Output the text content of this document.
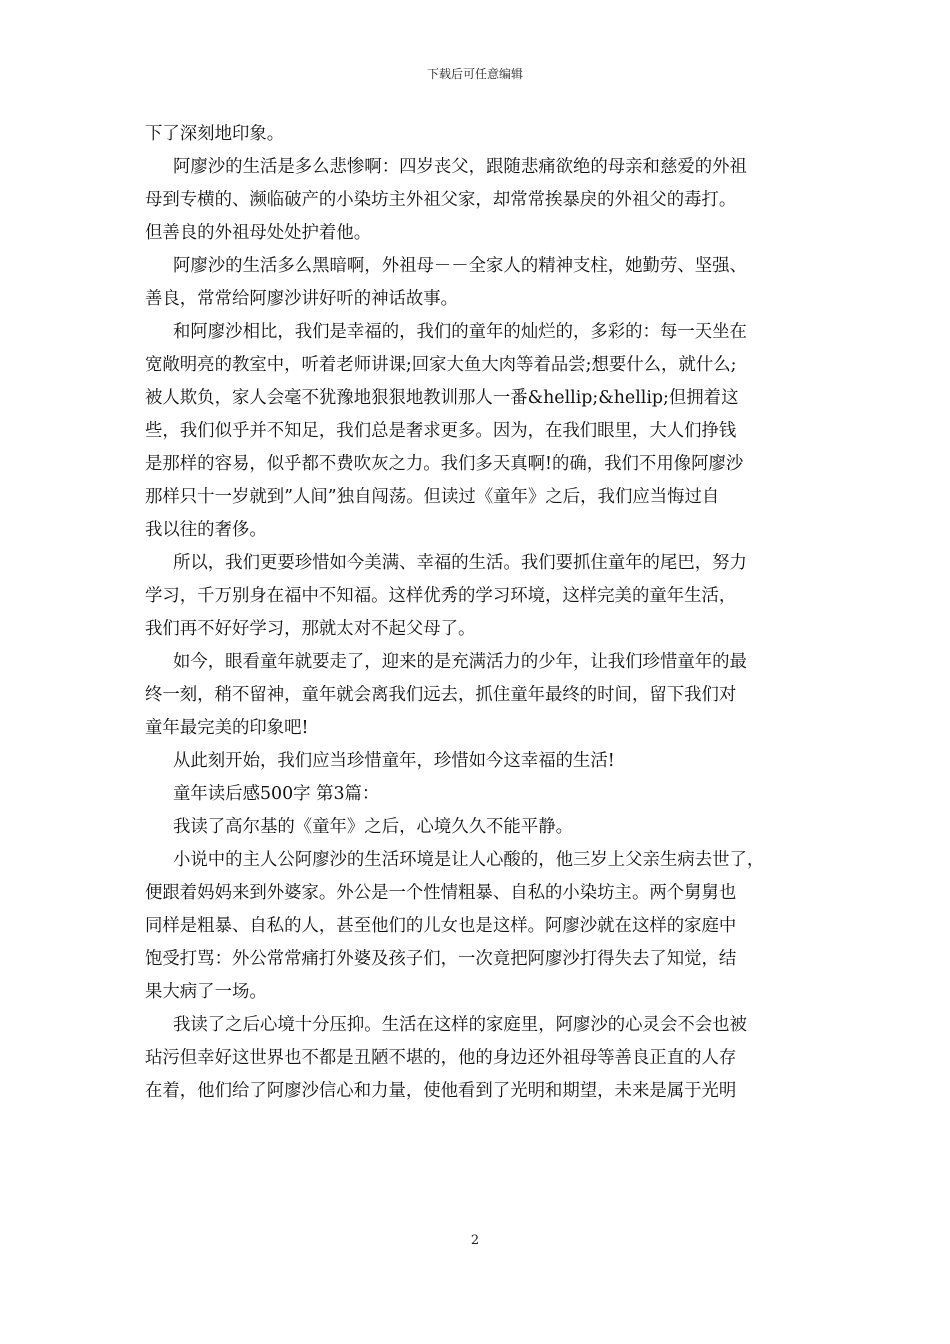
下载后可任意编辑
下了深刻地印象。
阿廖沙的生活是多么悲惨啊：四岁丧父，跟随悲痛欲绝的母亲和慈爱的外祖
母到专横的、濒临破产的小染坊主外祖父家，却常常挨暴戾的外祖父的毒打。
但善良的外祖母处处护着他。
阿廖沙的生活多么黑暗啊，外祖母－－全家人的精神支柱，她勤劳、坚强、
善良，常常给阿廖沙讲好听的神话故事。
和阿廖沙相比，我们是幸福的，我们的童年的灿烂的，多彩的：每一天坐在
宽敞明亮的教室中，听着老师讲课;回家大鱼大肉等着品尝;想要什么，就什么;
被人欺负，家人会毫不犹豫地狠狠地教训那人一番&hellip;&hellip;但拥着这
些，我们似乎并不知足，我们总是奢求更多。因为，在我们眼里，大人们挣钱
是那样的容易，似乎都不费吹灰之力。我们多天真啊!的确，我们不用像阿廖沙
那样只十一岁就到”人间”独自闯荡。但读过《童年》之后，我们应当悔过自
我以往的奢侈。
所以，我们更要珍惜如今美满、幸福的生活。我们要抓住童年的尾巴，努力
学习，千万别身在福中不知福。这样优秀的学习环境，这样完美的童年生活，
我们再不好好学习，那就太对不起父母了。
如今，眼看童年就要走了，迎来的是充满活力的少年，让我们珍惜童年的最
终一刻，稍不留神，童年就会离我们远去，抓住童年最终的时间，留下我们对
童年最完美的印象吧!
从此刻开始，我们应当珍惜童年，珍惜如今这幸福的生活!
童年读后感500字 第3篇：
我读了高尔基的《童年》之后，心境久久不能平静。
小说中的主人公阿廖沙的生活环境是让人心酸的，他三岁上父亲生病去世了，
便跟着妈妈来到外婆家。外公是一个性情粗暴、自私的小染坊主。两个舅舅也
同样是粗暴、自私的人，甚至他们的儿女也是这样。阿廖沙就在这样的家庭中
饱受打骂：外公常常痛打外婆及孩子们，一次竟把阿廖沙打得失去了知觉，结
果大病了一场。
我读了之后心境十分压抑。生活在这样的家庭里，阿廖沙的心灵会不会也被
玷污但幸好这世界也不都是丑陋不堪的，他的身边还外祖母等善良正直的人存
在着，他们给了阿廖沙信心和力量，使他看到了光明和期望，未来是属于光明
2
